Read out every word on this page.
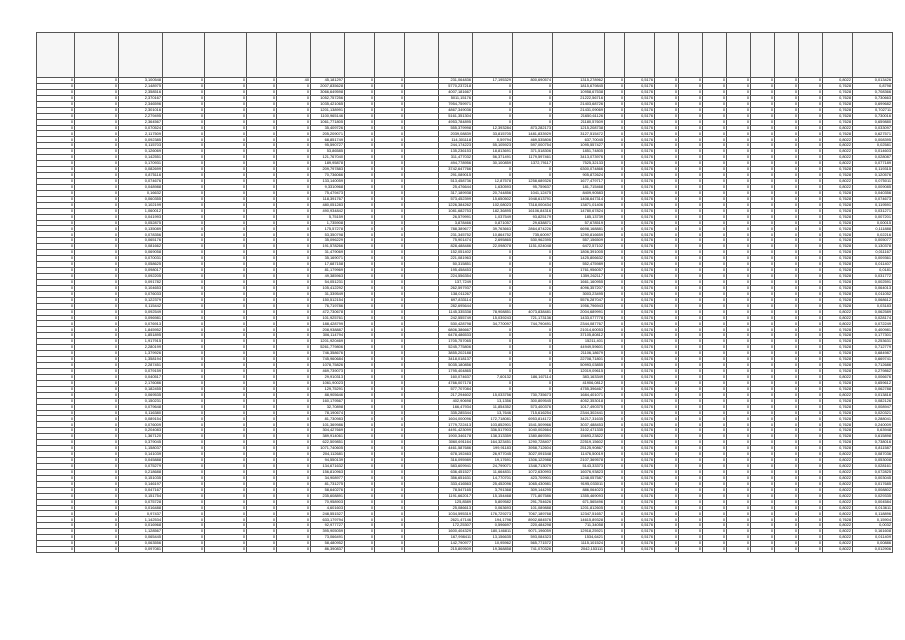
0	0	3,100548	0	0	0	40	45,181297	0	0		231,064836	17,195329	800,690574	1315,278962	0	0,5176	0	0	0	0	0	0	0	0,8022	0,013426
0	0	2,148975	0	0	0	0	2007,835628	0	0		5770,237218	0	0	1815,679845	0	0,5176	0	0	0	0	0	0	0	0,7628	0,8798
0	0	2,358516	0	0	0	0	3066,649598	0	0		4007,181667	0	0	10958,67538	0	0,5176	0	0	0	0	0	0	0	0,7628	0,708366
0	0	2,370167	0	0	0	0	1052,757256	0	0		5011,15176	0	0	21222,56716	0	0,5176	0	0	0	0	0	0	0	0,7628	0,730663
0	0	2,346596	0	0	0	0	1035,421065	0	0		7954,759971	0	0	21403,68726	0	0,5176	0	0	0	0	0	0	0	0,7628	0,699682
0	0	2,301016	0	0	0	0	1201,138991	0	0		4867,349036	0	0	21431,09069	0	0,5176	0	0	0	0	0	0	0	0,7628	0,702711
0	0	2,279495	0	0	0	0	1100,965146	0	0		5161,351304	0	0	21650,61126	0	0,5176	0	0	0	0	0	0	0	0,7628	0,730016
0	0	2,364567	0	0	0	0	1061,771805	0	0		4953,784895	0	0	21180,57609	0	0,5176	0	0	0	0	0	0	0	0,7628	0,659880
0	0	0,070524	0	0	0	0	35,409726	0	0		555,379998	12,393284	873,282173	1215,208738	0	0,5176	0	0	0	0	0	0	0	0,8022	0,033097
0	0	2,117509	0	0	0	0	205,209071	0	0		2039,08839	33,815705	1481,833929	3127,515472	0	0,5176	0	0	0	0	0	0	0	0,7628	0,627571
0	0	0,092385	0	0	0	0	68,851749	0	0		114,301118	0,59794	469,535806	637,70045	0	0,5176	0	0	0	0	0	0	0	0,8022	0,008395
0	0	0,115703	0	0	0	0	95,590727	0	0		244,174223	55,105923	597,000754	1095,557427	0	0,5176	0	0	0	0	0	0	0	0,8022	0,02581
0	0	0,126069	0	0	0	0	53,86585	0	0		135,236153	18,813691	371,518306	1851,74805	0	0,5176	0	0	0	0	0	0	0	0,8022	0,014603
0	0	0,142551	0	0	0	0	121,767040	0	0		311,477032	56,371491	1179,597461	3413,073976	0	0,5176	0	0	0	0	0	0	0	0,8022	0,028087
0	0	0,170931	0	0	0	0	189,95878	0	0		494,778956	30,100859	1372,79117	7525,32133	0	0,5176	0	0	0	0	0	0	0	0,8022	0,077189
0	0	0,082699	0	0	0	0	209,797883	0	0		3742,647766	0	0	6300,074866	0	0,5176	0	0	0	0	0	0	0	0,7628	0,119315
0	0	0,875116	0	0	0	0	70,736066	0	0		291,089015	0	0	905,872624	0	0,5176	0	0	0	0	0	0	0	0,7628	0,120576
0	0	0,074676	0	0	0	0	133,140059	0	0		513,458736	12,87578	1258,689326	1677,479717	0	0,5176	0	0	0	0	0	0	0	0,8022	0,075011
0	0	0,048988	0	0	0	0	9,3310968	0	0		25,476644	1,630593	95,759637	181,715468	0	0,5176	0	0	0	0	0	0	0	0,8022	0,009085
0	0	0,16632	0	0	0	0	75,479473	0	0		317,189938	20,744856	1041,12475	8409,90583	0	0,5176	0	0	0	0	0	0	0	0,7628	0,040356
0	0	0,060355	0	0	0	0	118,391767	0	0		573,452399	15,650502	1948,613791	1408,647314	0	0,5176	0	0	0	0	0	0	0	0,7628	0,074673
0	0	0,102199	0	0	0	0	480,051283	0	0		1226,384262	102,08023	7318,000434	13871,01406	0	0,5176	0	0	0	0	0	0	0	0,7628	0,119591
0	0	1,060012	0	0	0	0	490,934842	0	0		1081,682753	182,36895	16106,84316	14780,67824	0	0,5176	0	0	0	0	0	0	0	0,7628	0,031271
0	0	0,041993	0	0	0	0	5,75159	0	0		26,579991	1,037549	93,825179	185,13739	0	0,5176	0	0	0	0	0	0	0	0,7628	0,007201
0	0	0,052875	0	0	0	0	1,735908	0	0		3,878466	0,871057	29,638871	57,678519	0	0,5176	0	0	0	0	0	0	0	0,7628	0,00015
0	0	0,135089	0	0	0	0	175,57278	0	0		788,389677	39,763663	2864,874226	6698,168881	0	0,5176	0	0	0	0	0	0	0	0,7628	0,111888
0	0	0,078356	0	0	0	0	53,350798	0	0		231,345752	10,864752	735,60097	1290,816659	0	0,5176	0	0	0	0	0	0	0	0,7628	0,02216
0	0	0,065176	0	0	0	0	35,096229	0	0		75,901474	2,695865	530,962395	557,156509	0	0,5176	0	0	0	0	0	0	0	0,7628	0,005077
0	0	0,081662	0	0	0	0	191,578266	0	0		828,488486	22,098078	1151,024048	6472,57102	0	0,5176	0	0	0	0	0	0	0	0,7628	0,130378
0	0	0,069058	0	0	0	0	31,479069	0	0		152,051402	0	0	1806,391005	0	0,5176	0	0	0	0	0	0	0	0,7628	0,011167
0	0	0,070031	0	0	0	0	35,169071	0	0		221,081963	0	0	1425,806632	0	0,5176	0	0	0	0	0	0	0	0,7628	0,009361
0	0	0,058625	0	0	0	0	17,687158	0	0		50,315851	0	0	552,475989	0	0,5176	0	0	0	0	0	0	0	0,7628	0,011407
0	0	0,098017	0	0	0	0	81,179969	0	0		195,458453	0	0	1761,956057	0	0,5176	0	0	0	0	0	0	0	0,7628	0,0181
0	0	0,092205	0	0	0	0	49,385963	0	0		224,556354	0	0	1359,262117	0	0,5176	0	0	0	0	0	0	0	0,7628	0,031772
0	0	0,091782	0	0	0	0	54,051231	0	0		137,7249	0	0	1661,160955	0	0,5176	0	0	0	0	0	0	0	0,7628	0,002591
0	0	0,104653	0	0	0	0	105,412292	0	0		262,597937	0	0	4096,357207	0	0,5176	0	0	0	0	0	0	0	0,7628	0,064013
0	0	0,076033	0	0	0	0	31,339549	0	0		138,011267	0	0	3003,23495	0	0,5176	0	0	0	0	0	0	0	0,7628	0,011052
0	0	0,122379	0	0	0	0	150,512154	0	0		697,833114	0	0	5576,287047	0	0,5176	0	0	0	0	0	0	0	0,7628	0,068612
0	0	0,115442	0	0	0	0	76,719786	0	0		282,695644	0	0	1956,796943	0	0,5176	0	0	0	0	0	0	0	0,7628	0,03183
0	0	0,092549	0	0	0	0	472,730678	0	0		1145,335338	78,908851	4073,838481	2004,689991	0	0,5176	0	0	0	0	0	0	0	0,8022	0,062589
0	0	0,096981	0	0	0	0	101,925761	0	0		242,555749	15,039243	721,173136	1433,077778	0	0,5176	0	0	0	0	0	0	0	0,8022	0,028174
0	0	0,076913	0	0	0	0	188,428799	0	0		530,428798	34,770097	744,790491	2344,087767	0	0,5176	0	0	0	0	0	0	0	0,8022	0,072249
0	0	1,845952	0	0	0	0	208,938887	0	0		6806,386667	0	0	21014,60053	0	0,5176	0	0	0	0	0	0	0	0,7628	0,400981
0	0	1,851895	0	0	0	0	306,114794	0	0		6478,486533	0	0	37105,80812	0	0,5176	0	0	0	0	0	0	0	0,7628	0,177301
0	0	1,917915	0	0	0	0	1201,920469	0	0		1705,757065	0	0	15211,401	0	0,5176	0	0	0	0	0	0	0	0,7628	0,253631
0	0	2,280199	0	0	0	0	5261,779806	0	0		5245,775806	0	0	44949,59601	0	0,5176	0	0	0	0	0	0	0	0,7628	0,712779
0	0	1,379926	0	0	0	0	746,358676	0	0		3855,202188	0	0	21106,18679	0	0,5176	0	0	0	0	0	0	0	0,7628	0,684987
0	0	1,358194	0	0	0	0	745,960684	0	0		3418,018137	0	0	22708,71801	0	0,5176	0	0	0	0	0	0	0	0,7628	0,669741
0	0	2,287451	0	0	0	0	1078,75826	0	0		5035,180856	0	0	50993,03855	0	0,5176	0	0	0	0	0	0	0	0,7628	0,712686
0	0	0,079159	0	0	0	0	469,739073	0	0		1795,404865	0	0	12019,09615	0	0,5176	0	0	0	0	0	0	0	0,7628	0,279862
0	0	0,040517	0	0	0	0	29,910313	0	0		160,074637	7,60132	186,167114	383,163349	0	0,5176	0	0	0	0	0	0	0	0,8022	0,006676
0	0	2,176086	0	0	0	0	1061,90023	0	0		4766,007178	0	0	41906,0812	0	0,5176	0	0	0	0	0	0	0	0,7628	0,659612
0	0	0,182455	0	0	0	0	129,75291	0	0		577,707084	0	0	4755,396467	0	0,5176	0	0	0	0	0	0	0	0,7628	0,062788
0	0	0,069535	0	0	0	0	88,905646	0	0		217,294602	15,033756	730,735673	1684,401071	0	0,5176	0	0	0	0	0	0	0	0,8022	0,013816
0	0	0,150231	0	0	0	0	160,179567	0	0		402,90698	13,1356	300,809545	4052,353018	0	0,5176	0	0	0	0	0	0	0	0,7628	0,082126
0	0	0,079648	0	0	0	0	32,70898	0	0		166,47934	11,854352	573,400376	1017,490375	0	0,5176	0	0	0	0	0	0	0	0,7628	0,008947
0	0	0,116380	0	0	0	0	78,190674	0	0		335,285344	13,7646	715,616254	2344,302441	0	0,5176	0	0	0	0	0	0	0	0,7628	0,020321
0	0	0,089154	0	0	0	0	81,730983	0	0		1604,000096	172,718081	6953,814172	34217,31635	0	0,5176	0	0	0	0	0	0	0	0,7628	0,288041
0	0	0,076009	0	0	0	0	101,369986	0	0		1779,722413	103,852901	1541,509966	3037,488453	0	0,5176	0	0	0	0	0	0	0	0,7628	0,240009
0	0	0,204083	0	0	0	0	304,427669	0	0		4491,423099	336,517903	1040,002664	3102,471335	0	0,5176	0	0	0	0	0	0	0	0,7628	0,63948
0	0	1,367120	0	0	0	0	389,914061	0	0		1900,346178	138,313359	1380,869391	15693,23822	0	0,5176	0	0	0	0	0	0	0	0,7628	0,615898
0	0	0,379045	0	0	0	0	622,509851	0	0		3060,691164	164,323451	1290,728407	22519,15602	0	0,5176	0	0	0	0	0	0	0	0,7628	0,738016
0	0	1,158037	0	0	0	0	1071,740605	0	0		4461,587686	199,91183	3958,712604	25125,90867	0	0,5176	0	0	0	0	0	0	0	0,7628	0,811587
0	0	0,141039	0	0	0	0	204,112681	0	0		678,192463	26,977045	3027,091548	11476,50019	0	0,5176	0	0	0	0	0	0	0	0,8022	0,087036
0	0	0,045888	0	0	0	0	94,550139	0	0		316,095989	19,17691	1306,122988	2107,369578	0	0,5176	0	0	0	0	0	0	0	0,8022	0,053008
0	0	0,075279	0	0	0	0	134,671632	0	0		583,609941	24,799071	1348,713079	5143,33373	0	0,5176	0	0	0	0	0	0	0	0,8022	0,028161
0	0	0,218688	0	0	0	0	156,810963	0	0		636,451527	11,664831	1072,630993	16076,93823	0	0,5176	0	0	0	0	0	0	0	0,8022	0,072825
0	0	0,151035	0	0	0	0	34,908977	0	0		356,651631	14,770701	423,709901	1248,057587	0	0,5176	0	0	0	0	0	0	0	0,8022	0,003045
0	0	0,146197	0	0	0	0	81,731275	0	0		333,416563	25,452096	1065,430981	9195,033011	0	0,5176	0	0	0	0	0	0	0	0,8022	0,017685
0	0	0,047167	0	0	0	0	58,640276	0	0		78,547165	3,791368	309,144295	886,064023	0	0,5176	0	0	0	0	0	0	0	0,8022	0,008802
0	0	0,151754	0	0	0	0	235,608891	0	0		1191,662017	15,154468	771,807586	1355,469093	0	0,5176	0	0	0	0	0	0	0	0,8022	0,029335
0	0	0,075728	0	0	0	0	70,958903	0	0		125,8589	5,809582	291,754626	671,565496	0	0,5176	0	0	0	0	0	0	0	0,8022	0,004584
0	0	0,016488	0	0	0	0	4,601603	0	0		25,086613	0,063693	101,089888	1201,812605	0	0,5176	0	0	0	0	0	0	0	0,8022	0,013611
0	0	0,97437	0	0	0	0	248,551527	0	0		1034,595319	176,729273	7067,189768	12347,51657	0	0,5176	0	0	0	0	0	0	0	0,8022	0,118896
0	0	1,142534	0	0	0	0	633,179794	0	0		2621,47146	194,1796	8902,684576	14615,89328	0	0,5176	0	0	0	0	0	0	0	0,7628	0,15904
0	0	0,016968	0	0	0	0	92,977727	0	0		172,25307	0,596697	220,484298	711,34058	0	0,5176	0	0	0	0	0	0	0	0,8022	0,0032
0	0	1,128567	0	0	0	0	395,905059	0	0		1600,404329	180,146811	9071,196059	12918,25921	0	0,5176	0	0	0	0	0	0	0	0,8022	0,161608
0	0	0,065445	0	0	0	0	73,066491	0	0		167,998411	13,156635	593,084323	1534,6421	0	0,5176	0	0	0	0	0	0	0	0,8022	0,011409
0	0	0,063556	0	0	0	0	58,480952	0	0		142,790977	10,95962	565,771572	1115,101524	0	0,5176	0	0	0	0	0	0	0	0,8022	0,00886
0	0	0,097081	0	0	0	0	86,390837	0	0		215,809509	19,368858	741,070326	2042,153111	0	0,5176	0	0	0	0	0	0	0	0,8022	0,012906
